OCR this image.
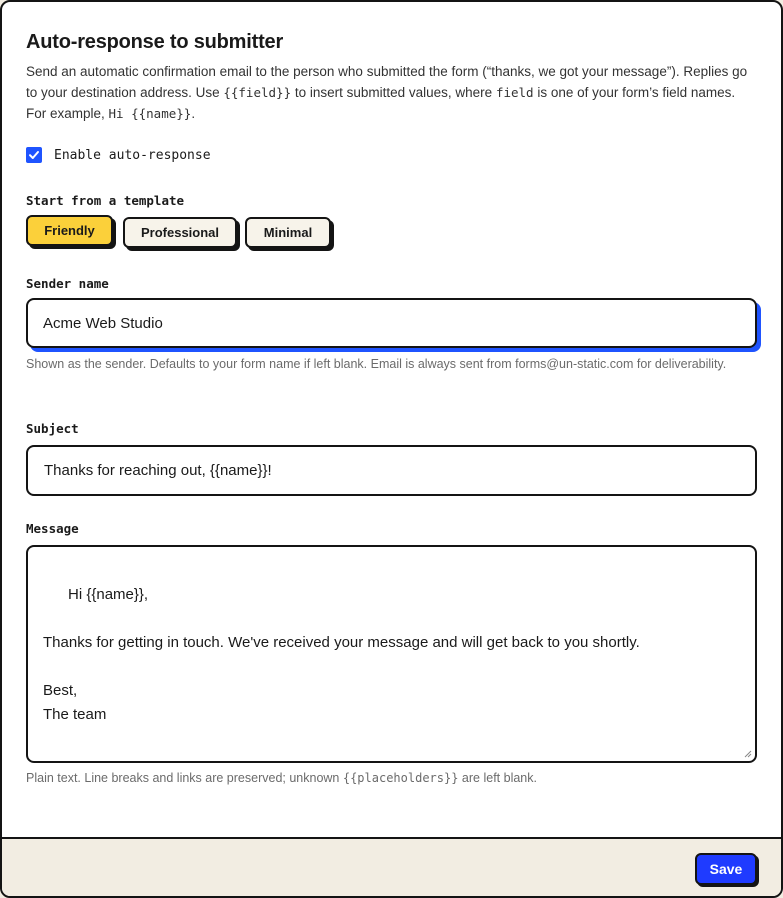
Auto-response to submitter
Send an automatic confirmation email to the person who submitted the form (“thanks, we got your message”). Replies go to your destination address. Use {{field}} to insert submitted values, where field is one of your form’s field names. For example, Hi {{name}}.
Enable auto-response
Start from a template
Friendly	Professional	Minimal
Sender name
Acme Web Studio
Shown as the sender. Defaults to your form name if left blank. Email is always sent from forms@un-static.com for deliverability.
Subject
Thanks for reaching out, {{name}}!
Message

Hi {{name}},

Thanks for getting in touch. We've received your message and will get back to you shortly.

Best,
The team

Plain text. Line breaks and links are preserved; unknown {{placeholders}} are left blank.
Save
